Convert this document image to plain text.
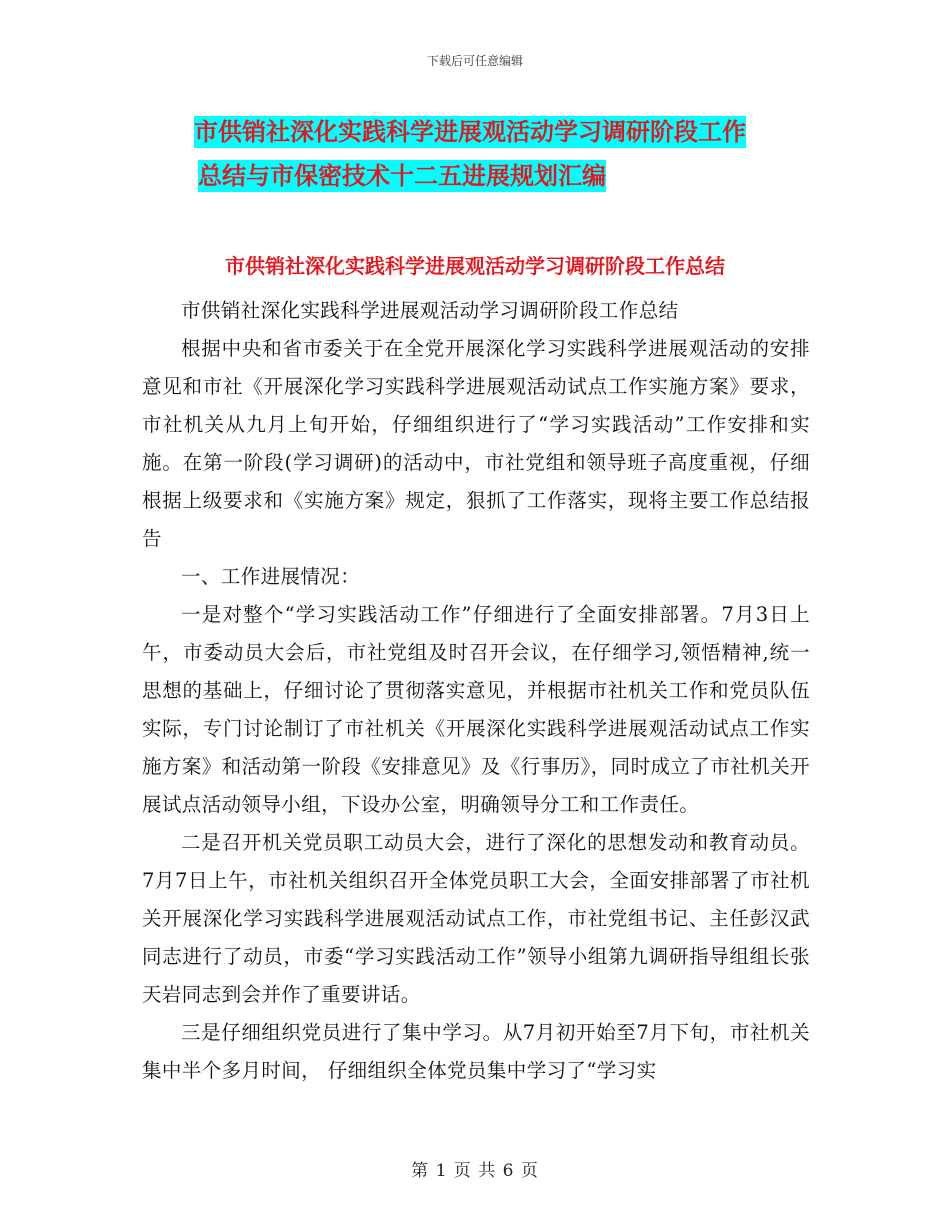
下载后可任意编辑
市供销社深化实践科学进展观活动学习调研阶段工作
总结与市保密技术十二五进展规划汇编
市供销社深化实践科学进展观活动学习调研阶段工作总结

市供销社深化实践科学进展观活动学习调研阶段工作总结

根据中央和省市委关于在全党开展深化学习实践科学进展观活动的安排意见和市社《开展深化学习实践科学进展观活动试点工作实施方案》要求，市社机关从九月上旬开始，仔细组织进行了“学习实践活动”工作安排和实施。在第一阶段(学习调研)的活动中，市社党组和领导班子高度重视，仔细根据上级要求和《实施方案》规定，狠抓了工作落实，现将主要工作总结报告

一、工作进展情况：

一是对整个“学习实践活动工作”仔细进行了全面安排部署。7月3日上午，市委动员大会后，市社党组及时召开会议，在仔细学习,领悟精神,统一思想的基础上，仔细讨论了贯彻落实意见，并根据市社机关工作和党员队伍实际，专门讨论制订了市社机关《开展深化实践科学进展观活动试点工作实施方案》和活动第一阶段《安排意见》及《行事历》，同时成立了市社机关开展试点活动领导小组，下设办公室，明确领导分工和工作责任。

二是召开机关党员职工动员大会，进行了深化的思想发动和教育动员。7月7日上午，市社机关组织召开全体党员职工大会，全面安排部署了市社机关开展深化学习实践科学进展观活动试点工作，市社党组书记、主任彭汉武同志进行了动员，市委“学习实践活动工作”领导小组第九调研指导组组长张天岩同志到会并作了重要讲话。

三是仔细组织党员进行了集中学习。从7月初开始至7月下旬，市社机关集中半个多月时间， 仔细组织全体党员集中学习了“学习实

第 1 页 共 6 页
